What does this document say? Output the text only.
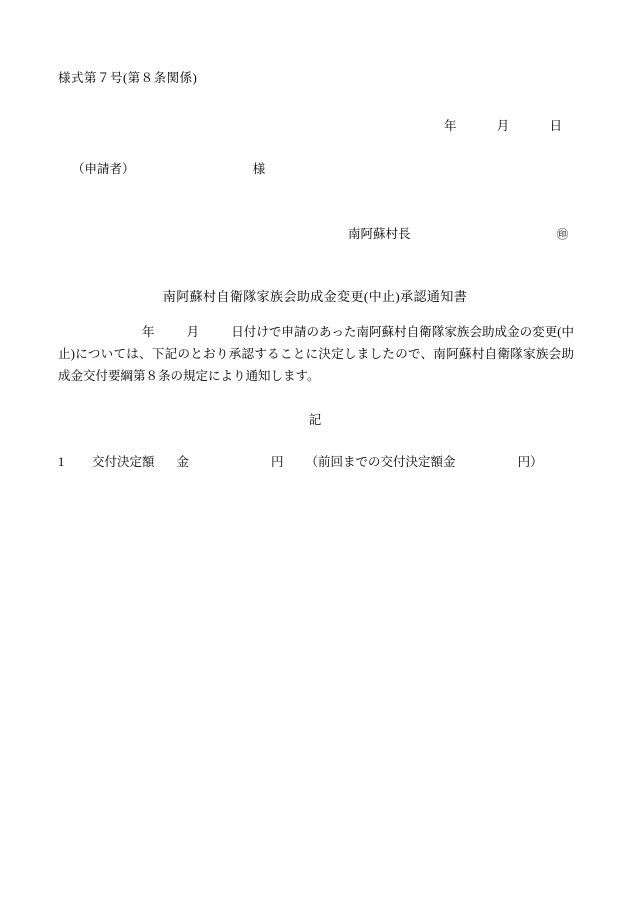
様式第７号(第８条関係)
年	月	日
（申請者）	様
南阿蘇村長	㊞
南阿蘇村自衛隊家族会助成金変更(中止)承認通知書
年	月	日付けで申請のあった南阿蘇村自衛隊家族会助成金の変更(中止)については、下記のとおり承認することに決定しましたので、南阿蘇村自衛隊家族会助成金交付要綱第８条の規定により通知します。
記
1 交付決定額 金	円 （前回までの交付決定額金	円）
